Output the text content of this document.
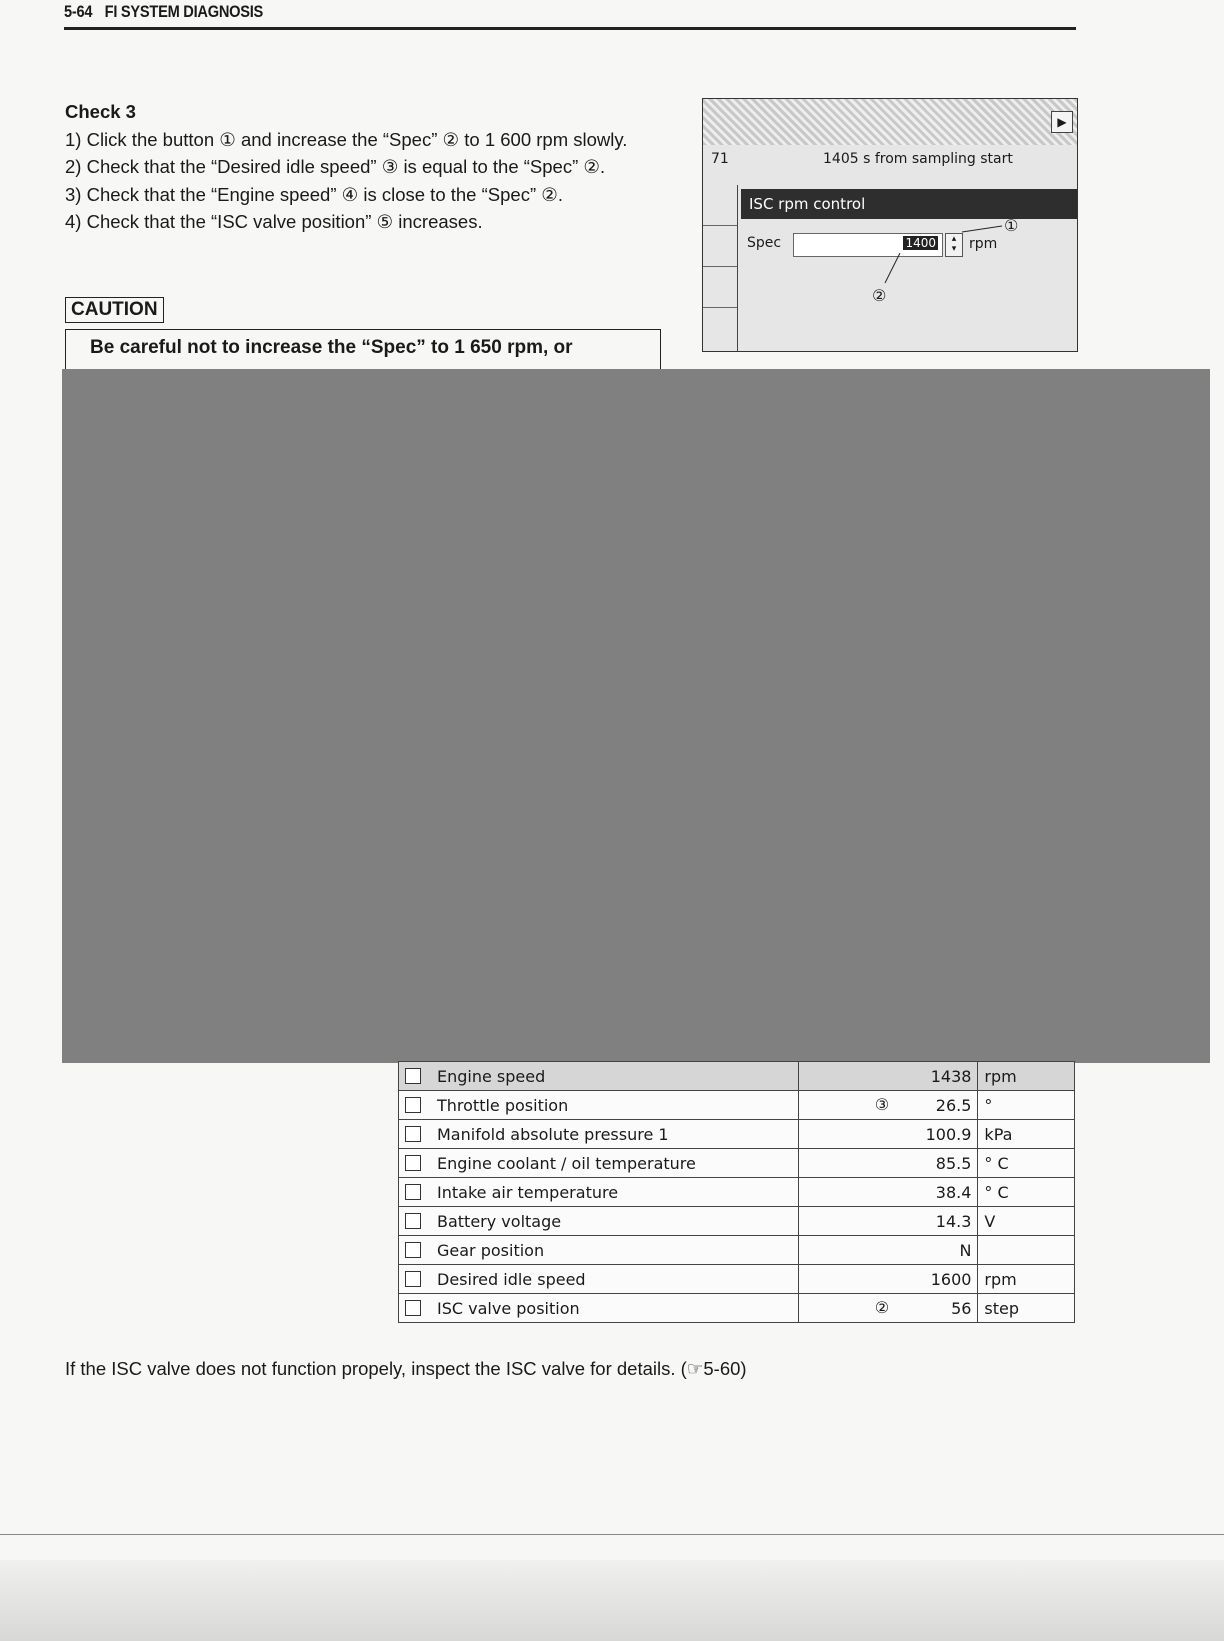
5-64 FI SYSTEM DIAGNOSIS
Check 3
1) Click the button ① and increase the “Spec” ② to 1 600 rpm slowly.
2) Check that the “Desired idle speed” ③ is equal to the “Spec” ②.
3) Check that the “Engine speed” ④ is close to the “Spec” ②.
4) Check that the “ISC valve position” ⑤ increases.
CAUTION
Be careful not to increase the “Spec” to 1 650 rpm, or
▶
71	1405 s from sampling start
ISC rpm control
Spec	1400	▴
▾ rpm
①
②
Engine speed	1438	rpm
Throttle position	③ 26.5	°
Manifold absolute pressure 1	100.9	kPa
Engine coolant / oil temperature	85.5	° C
Intake air temperature	38.4	° C
Battery voltage	14.3	V
Gear position	N	
Desired idle speed	1600	rpm
ISC valve position	② 56	step
If the ISC valve does not function propely, inspect the ISC valve for details. (☞5-60)
